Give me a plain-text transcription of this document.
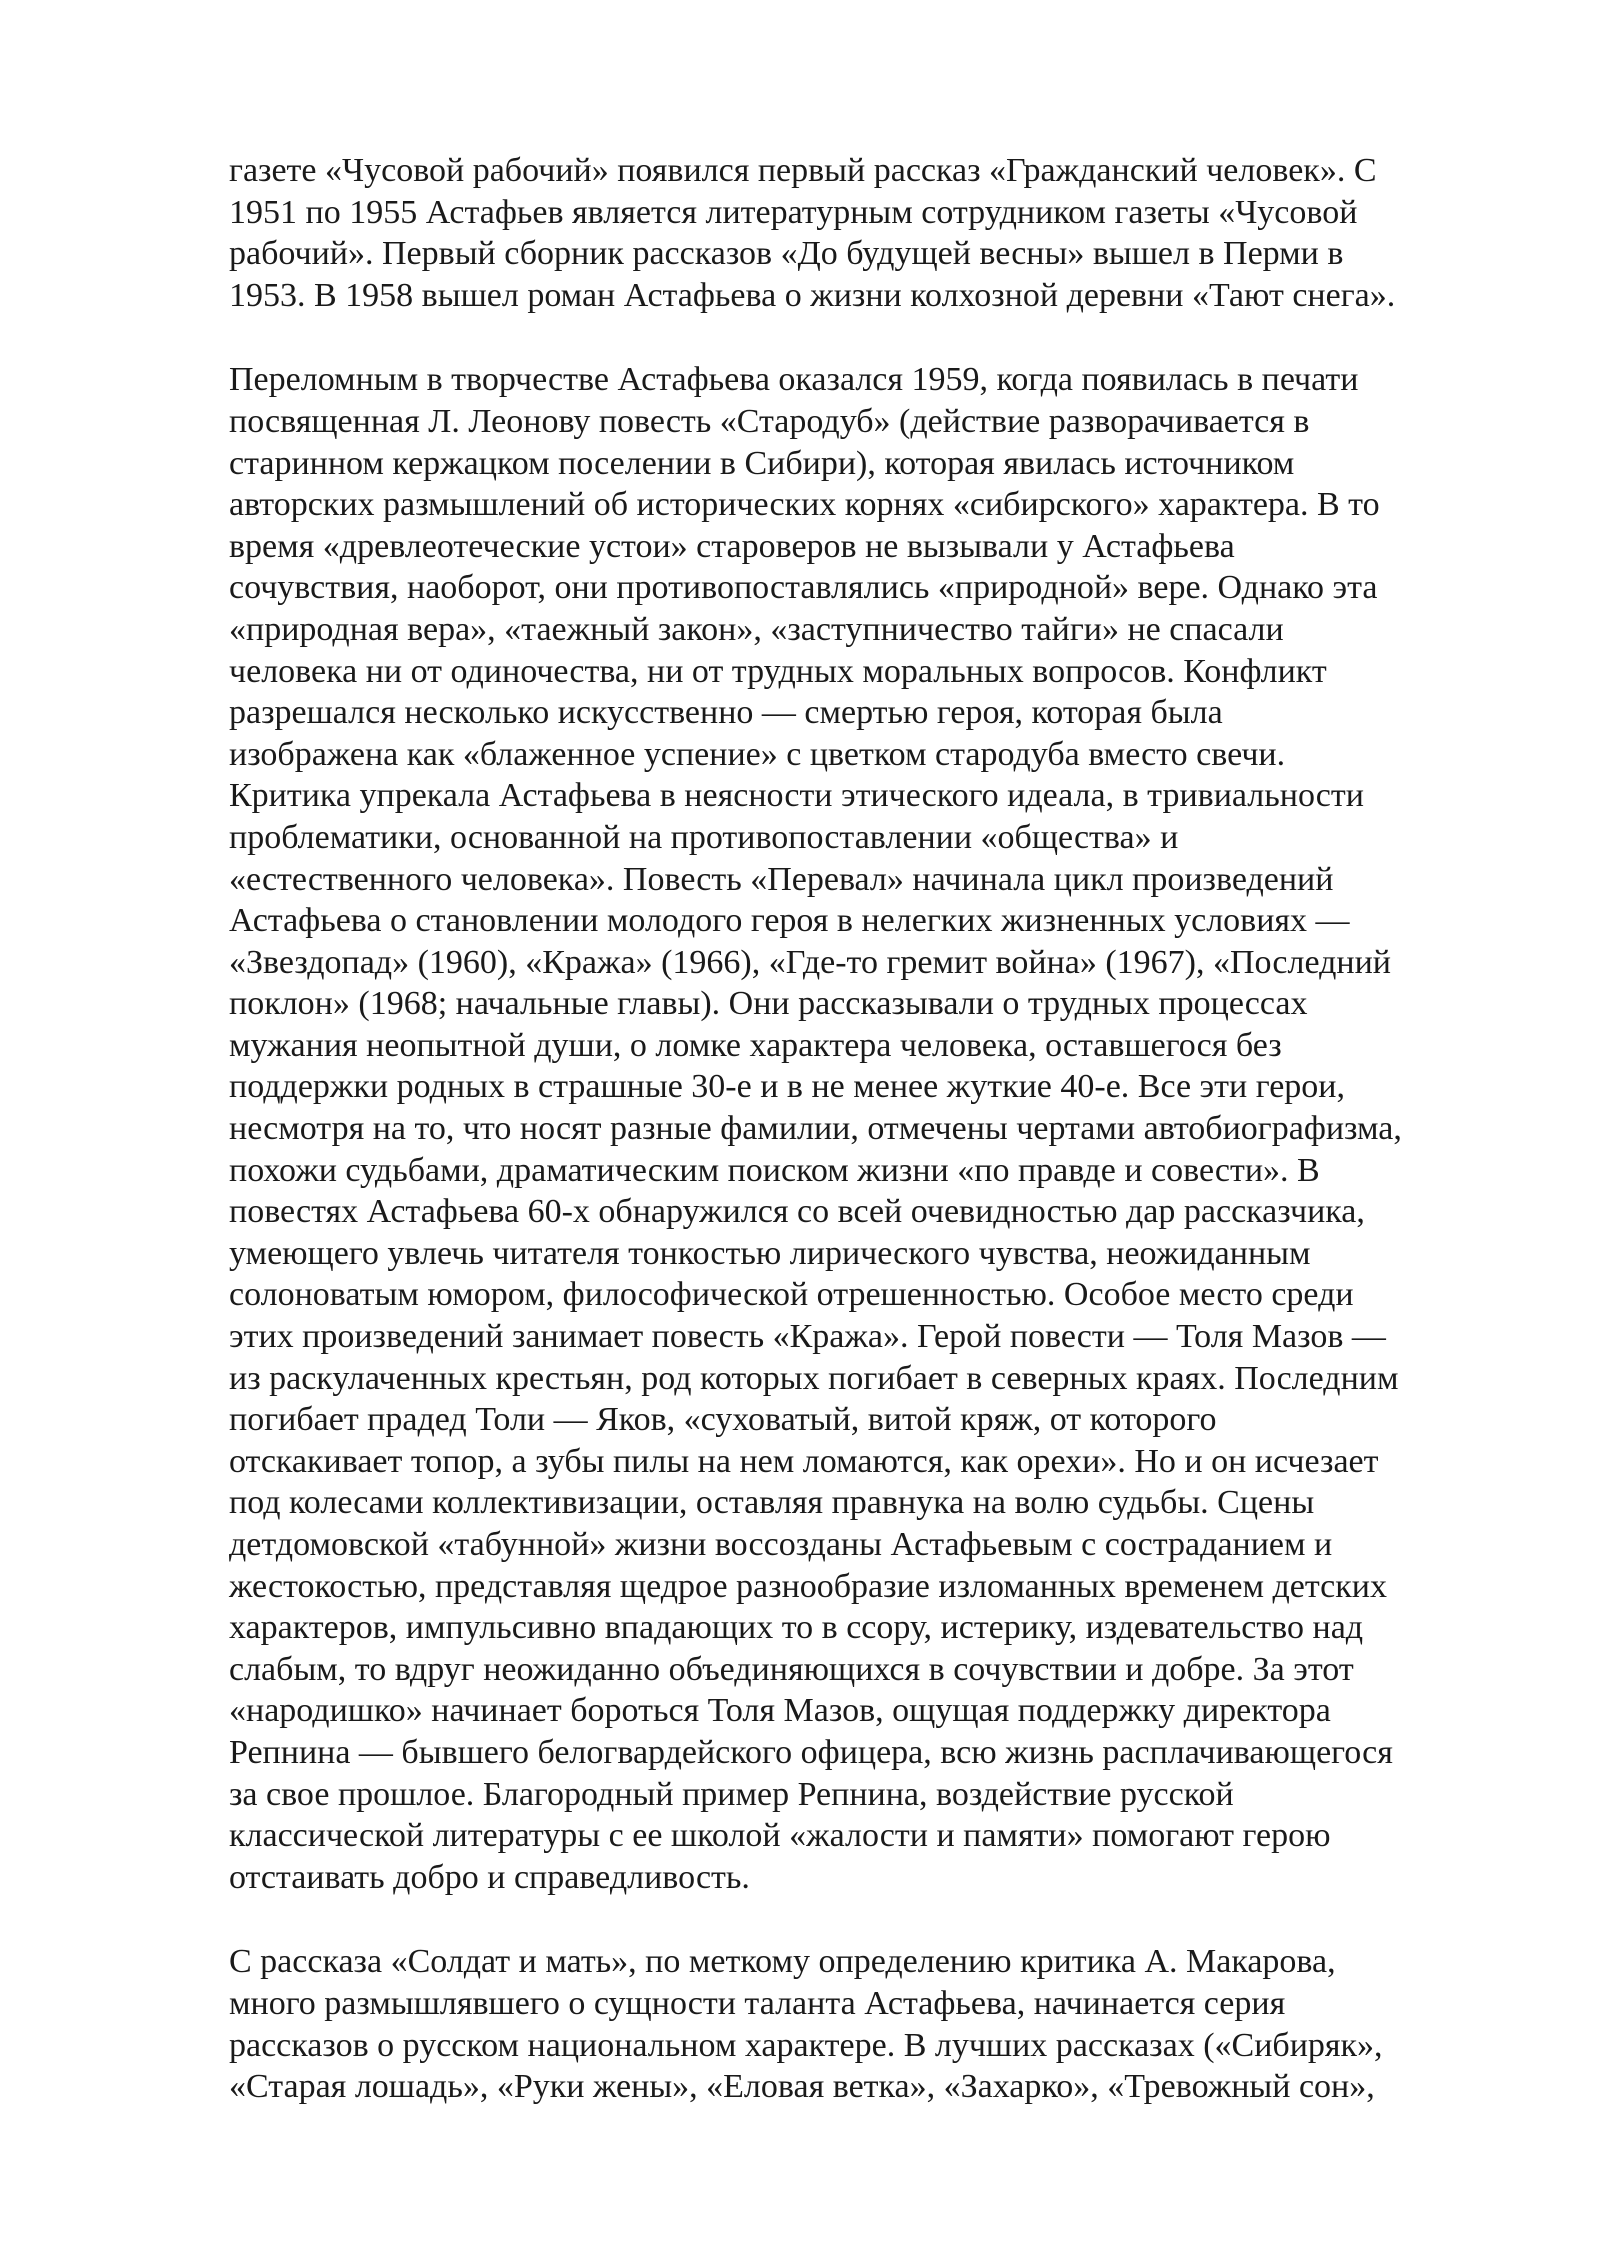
газете «Чусовой рабочий» появился первый рассказ «Гражданский человек». С
1951 по 1955 Астафьев является литературным сотрудником газеты «Чусовой
рабочий». Первый сборник рассказов «До будущей весны» вышел в Перми в
1953. В 1958 вышел роман Астафьева о жизни колхозной деревни «Тают снега».

Переломным в творчестве Астафьева оказался 1959, когда появилась в печати
посвященная Л. Леонову повесть «Стародуб» (действие разворачивается в
старинном кержацком поселении в Сибири), которая явилась источником
авторских размышлений об исторических корнях «сибирского» характера. В то
время «древлеотеческие устои» староверов не вызывали у Астафьева
сочувствия, наоборот, они противопоставлялись «природной» вере. Однако эта
«природная вера», «таежный закон», «заступничество тайги» не спасали
человека ни от одиночества, ни от трудных моральных вопросов. Конфликт
разрешался несколько искусственно — смертью героя, которая была
изображена как «блаженное успение» с цветком стародуба вместо свечи.
Критика упрекала Астафьева в неясности этического идеала, в тривиальности
проблематики, основанной на противопоставлении «общества» и
«естественного человека». Повесть «Перевал» начинала цикл произведений
Астафьева о становлении молодого героя в нелегких жизненных условиях —
«Звездопад» (1960), «Кража» (1966), «Где-то гремит война» (1967), «Последний
поклон» (1968; начальные главы). Они рассказывали о трудных процессах
мужания неопытной души, о ломке характера человека, оставшегося без
поддержки родных в страшные 30-е и в не менее жуткие 40-е. Все эти герои,
несмотря на то, что носят разные фамилии, отмечены чертами автобиографизма,
похожи судьбами, драматическим поиском жизни «по правде и совести». В
повестях Астафьева 60-х обнаружился со всей очевидностью дар рассказчика,
умеющего увлечь читателя тонкостью лирического чувства, неожиданным
солоноватым юмором, философической отрешенностью. Особое место среди
этих произведений занимает повесть «Кража». Герой повести — Толя Мазов —
из раскулаченных крестьян, род которых погибает в северных краях. Последним
погибает прадед Толи — Яков, «суховатый, витой кряж, от которого
отскакивает топор, а зубы пилы на нем ломаются, как орехи». Но и он исчезает
под колесами коллективизации, оставляя правнука на волю судьбы. Сцены
детдомовской «табунной» жизни воссозданы Астафьевым с состраданием и
жестокостью, представляя щедрое разнообразие изломанных временем детских
характеров, импульсивно впадающих то в ссору, истерику, издевательство над
слабым, то вдруг неожиданно объединяющихся в сочувствии и добре. За этот
«народишко» начинает бороться Толя Мазов, ощущая поддержку директора
Репнина — бывшего белогвардейского офицера, всю жизнь расплачивающегося
за свое прошлое. Благородный пример Репнина, воздействие русской
классической литературы с ее школой «жалости и памяти» помогают герою
отстаивать добро и справедливость.

С рассказа «Солдат и мать», по меткому определению критика А. Макарова,
много размышлявшего о сущности таланта Астафьева, начинается серия
рассказов о русском национальном характере. В лучших рассказах («Сибиряк»,
«Старая лошадь», «Руки жены», «Еловая ветка», «Захарко», «Тревожный сон»,
